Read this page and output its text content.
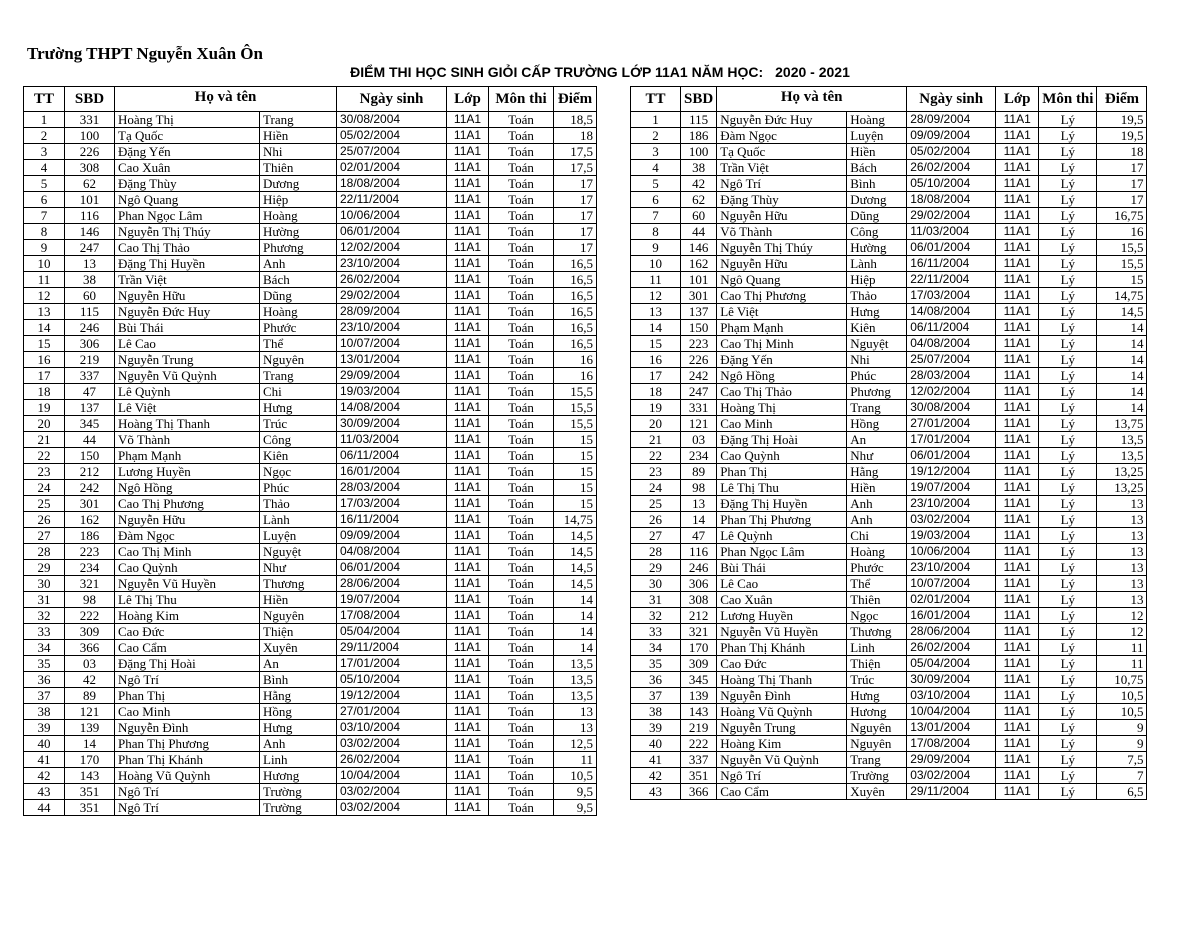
Trường THPT Nguyễn Xuân Ôn
ĐIỂM THI HỌC SINH GIỎI CẤP TRƯỜNG LỚP 11A1 NĂM HỌC: 2020 - 2021
TT	SBD	Họ và tên		Ngày sinh	Lớp	Môn thi	Điểm
1	331	Hoàng Thị	Trang	30/08/2004	11A1	Toán	18,5
2	100	Tạ Quốc	Hiền	05/02/2004	11A1	Toán	18
3	226	Đặng Yến	Nhi	25/07/2004	11A1	Toán	17,5
4	308	Cao Xuân	Thiên	02/01/2004	11A1	Toán	17,5
5	62	Đặng Thùy	Dương	18/08/2004	11A1	Toán	17
6	101	Ngô Quang	Hiệp	22/11/2004	11A1	Toán	17
7	116	Phan Ngọc Lâm	Hoàng	10/06/2004	11A1	Toán	17
8	146	Nguyễn Thị Thúy	Hường	06/01/2004	11A1	Toán	17
9	247	Cao Thị Thảo	Phương	12/02/2004	11A1	Toán	17
10	13	Đặng Thị Huyền	Anh	23/10/2004	11A1	Toán	16,5
11	38	Trần Việt	Bách	26/02/2004	11A1	Toán	16,5
12	60	Nguyễn Hữu	Dũng	29/02/2004	11A1	Toán	16,5
13	115	Nguyễn Đức Huy	Hoàng	28/09/2004	11A1	Toán	16,5
14	246	Bùi Thái	Phước	23/10/2004	11A1	Toán	16,5
15	306	Lê Cao	Thể	10/07/2004	11A1	Toán	16,5
16	219	Nguyễn Trung	Nguyên	13/01/2004	11A1	Toán	16
17	337	Nguyễn Vũ Quỳnh	Trang	29/09/2004	11A1	Toán	16
18	47	Lê Quỳnh	Chi	19/03/2004	11A1	Toán	15,5
19	137	Lê Việt	Hưng	14/08/2004	11A1	Toán	15,5
20	345	Hoàng Thị Thanh	Trúc	30/09/2004	11A1	Toán	15,5
21	44	Võ Thành	Công	11/03/2004	11A1	Toán	15
22	150	Phạm Mạnh	Kiên	06/11/2004	11A1	Toán	15
23	212	Lương Huyền	Ngọc	16/01/2004	11A1	Toán	15
24	242	Ngô Hồng	Phúc	28/03/2004	11A1	Toán	15
25	301	Cao Thị Phương	Thảo	17/03/2004	11A1	Toán	15
26	162	Nguyễn Hữu	Lành	16/11/2004	11A1	Toán	14,75
27	186	Đàm Ngọc	Luyện	09/09/2004	11A1	Toán	14,5
28	223	Cao Thị Minh	Nguyệt	04/08/2004	11A1	Toán	14,5
29	234	Cao Quỳnh	Như	06/01/2004	11A1	Toán	14,5
30	321	Nguyễn Vũ Huyền	Thương	28/06/2004	11A1	Toán	14,5
31	98	Lê Thị Thu	Hiền	19/07/2004	11A1	Toán	14
32	222	Hoàng Kim	Nguyên	17/08/2004	11A1	Toán	14
33	309	Cao Đức	Thiện	05/04/2004	11A1	Toán	14
34	366	Cao Cẩm	Xuyên	29/11/2004	11A1	Toán	14
35	03	Đặng Thị Hoài	An	17/01/2004	11A1	Toán	13,5
36	42	Ngô Trí	Bình	05/10/2004	11A1	Toán	13,5
37	89	Phan Thị	Hằng	19/12/2004	11A1	Toán	13,5
38	121	Cao Minh	Hồng	27/01/2004	11A1	Toán	13
39	139	Nguyễn Đình	Hưng	03/10/2004	11A1	Toán	13
40	14	Phan Thị Phương	Anh	03/02/2004	11A1	Toán	12,5
41	170	Phan Thị Khánh	Linh	26/02/2004	11A1	Toán	11
42	143	Hoàng Vũ Quỳnh	Hương	10/04/2004	11A1	Toán	10,5
43	351	Ngô Trí	Trường	03/02/2004	11A1	Toán	9,5
44	351	Ngô Trí	Trường	03/02/2004	11A1	Toán	9,5
TT	SBD	Họ và tên		Ngày sinh	Lớp	Môn thi	Điểm
1	115	Nguyễn Đức Huy	Hoàng	28/09/2004	11A1	Lý	19,5
2	186	Đàm Ngọc	Luyện	09/09/2004	11A1	Lý	19,5
3	100	Tạ Quốc	Hiền	05/02/2004	11A1	Lý	18
4	38	Trần Việt	Bách	26/02/2004	11A1	Lý	17
5	42	Ngô Trí	Bình	05/10/2004	11A1	Lý	17
6	62	Đặng Thùy	Dương	18/08/2004	11A1	Lý	17
7	60	Nguyễn Hữu	Dũng	29/02/2004	11A1	Lý	16,75
8	44	Võ Thành	Công	11/03/2004	11A1	Lý	16
9	146	Nguyễn Thị Thúy	Hường	06/01/2004	11A1	Lý	15,5
10	162	Nguyễn Hữu	Lành	16/11/2004	11A1	Lý	15,5
11	101	Ngô Quang	Hiệp	22/11/2004	11A1	Lý	15
12	301	Cao Thị Phương	Thảo	17/03/2004	11A1	Lý	14,75
13	137	Lê Việt	Hưng	14/08/2004	11A1	Lý	14,5
14	150	Phạm Mạnh	Kiên	06/11/2004	11A1	Lý	14
15	223	Cao Thị Minh	Nguyệt	04/08/2004	11A1	Lý	14
16	226	Đặng Yến	Nhi	25/07/2004	11A1	Lý	14
17	242	Ngô Hồng	Phúc	28/03/2004	11A1	Lý	14
18	247	Cao Thị Thảo	Phương	12/02/2004	11A1	Lý	14
19	331	Hoàng Thị	Trang	30/08/2004	11A1	Lý	14
20	121	Cao Minh	Hồng	27/01/2004	11A1	Lý	13,75
21	03	Đặng Thị Hoài	An	17/01/2004	11A1	Lý	13,5
22	234	Cao Quỳnh	Như	06/01/2004	11A1	Lý	13,5
23	89	Phan Thị	Hằng	19/12/2004	11A1	Lý	13,25
24	98	Lê Thị Thu	Hiền	19/07/2004	11A1	Lý	13,25
25	13	Đặng Thị Huyền	Anh	23/10/2004	11A1	Lý	13
26	14	Phan Thị Phương	Anh	03/02/2004	11A1	Lý	13
27	47	Lê Quỳnh	Chi	19/03/2004	11A1	Lý	13
28	116	Phan Ngọc Lâm	Hoàng	10/06/2004	11A1	Lý	13
29	246	Bùi Thái	Phước	23/10/2004	11A1	Lý	13
30	306	Lê Cao	Thể	10/07/2004	11A1	Lý	13
31	308	Cao Xuân	Thiên	02/01/2004	11A1	Lý	13
32	212	Lương Huyền	Ngọc	16/01/2004	11A1	Lý	12
33	321	Nguyễn Vũ Huyền	Thương	28/06/2004	11A1	Lý	12
34	170	Phan Thị Khánh	Linh	26/02/2004	11A1	Lý	11
35	309	Cao Đức	Thiện	05/04/2004	11A1	Lý	11
36	345	Hoàng Thị Thanh	Trúc	30/09/2004	11A1	Lý	10,75
37	139	Nguyễn Đình	Hưng	03/10/2004	11A1	Lý	10,5
38	143	Hoàng Vũ Quỳnh	Hương	10/04/2004	11A1	Lý	10,5
39	219	Nguyễn Trung	Nguyên	13/01/2004	11A1	Lý	9
40	222	Hoàng Kim	Nguyên	17/08/2004	11A1	Lý	9
41	337	Nguyễn Vũ Quỳnh	Trang	29/09/2004	11A1	Lý	7,5
42	351	Ngô Trí	Trường	03/02/2004	11A1	Lý	7
43	366	Cao Cẩm	Xuyên	29/11/2004	11A1	Lý	6,5
